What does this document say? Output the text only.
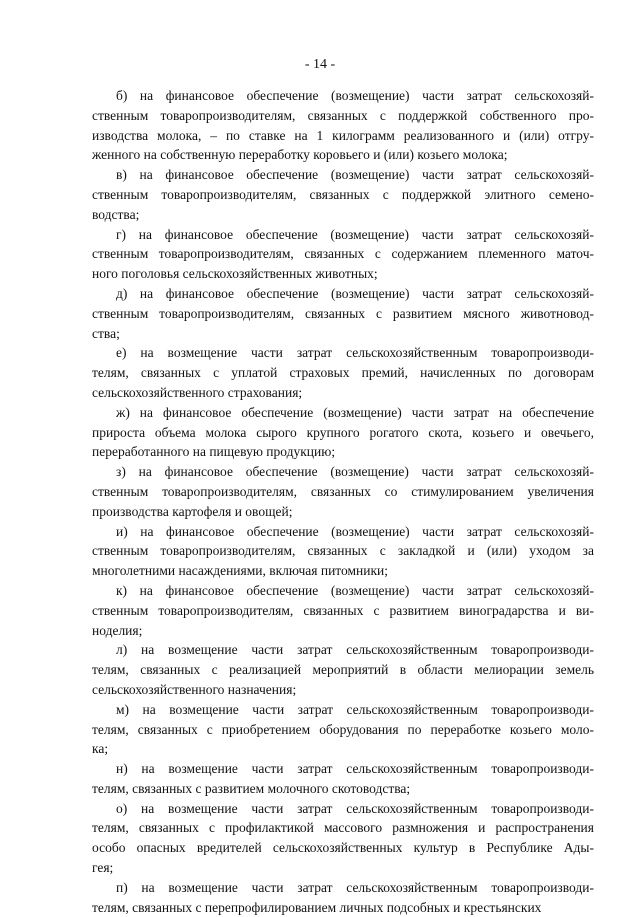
- 14 -

б) на финансовое обеспечение (возмещение) части затрат сельскохозяй-
ственным товаропроизводителям, связанных с поддержкой собственного про-
изводства молока, – по ставке на 1 килограмм реализованного и (или) отгру-
женного на собственную переработку коровьего и (или) козьего молока;

в) на финансовое обеспечение (возмещение) части затрат сельскохозяй-
ственным товаропроизводителям, связанных с поддержкой элитного семено-
водства;

г) на финансовое обеспечение (возмещение) части затрат сельскохозяй-
ственным товаропроизводителям, связанных с содержанием племенного маточ-
ного поголовья сельскохозяйственных животных;

д) на финансовое обеспечение (возмещение) части затрат сельскохозяй-
ственным товаропроизводителям, связанных с развитием мясного животновод-
ства;

е) на возмещение части затрат сельскохозяйственным товаропроизводи-
телям, связанных с уплатой страховых премий, начисленных по договорам
сельскохозяйственного страхования;

ж) на финансовое обеспечение (возмещение) части затрат на обеспечение
прироста объема молока сырого крупного рогатого скота, козьего и овечьего,
переработанного на пищевую продукцию;

з) на финансовое обеспечение (возмещение) части затрат сельскохозяй-
ственным товаропроизводителям, связанных со стимулированием увеличения
производства картофеля и овощей;

и) на финансовое обеспечение (возмещение) части затрат сельскохозяй-
ственным товаропроизводителям, связанных с закладкой и (или) уходом за
многолетними насаждениями, включая питомники;

к) на финансовое обеспечение (возмещение) части затрат сельскохозяй-
ственным товаропроизводителям, связанных с развитием виноградарства и ви-
ноделия;

л) на возмещение части затрат сельскохозяйственным товаропроизводи-
телям, связанных с реализацией мероприятий в области мелиорации земель
сельскохозяйственного назначения;

м) на возмещение части затрат сельскохозяйственным товаропроизводи-
телям, связанных с приобретением оборудования по переработке козьего моло-
ка;

н) на возмещение части затрат сельскохозяйственным товаропроизводи-
телям, связанных с развитием молочного скотоводства;

о) на возмещение части затрат сельскохозяйственным товаропроизводи-
телям, связанных с профилактикой массового размножения и распространения
особо опасных вредителей сельскохозяйственных культур в Республике Ады-
гея;

п) на возмещение части затрат сельскохозяйственным товаропроизводи-
телям, связанных с перепрофилированием личных подсобных и крестьянских
